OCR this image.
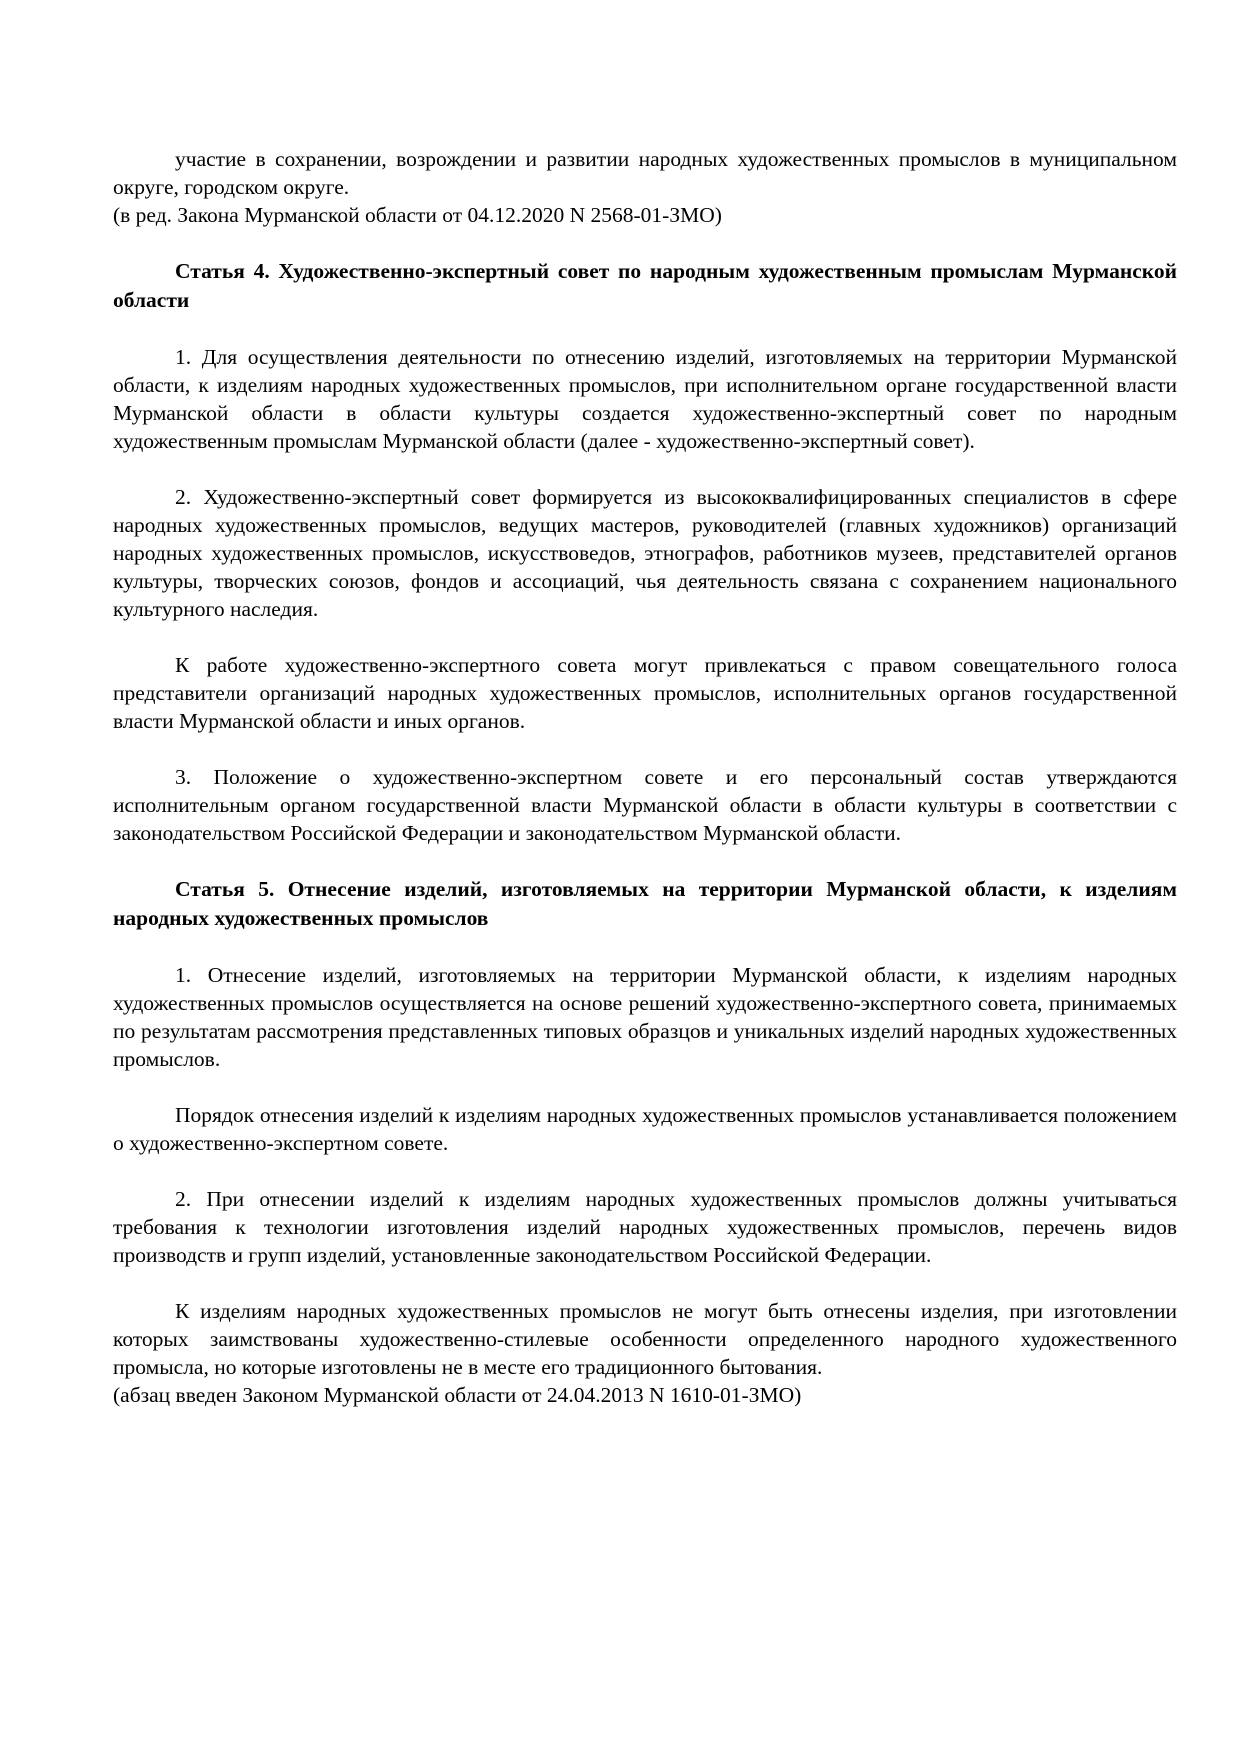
участие в сохранении, возрождении и развитии народных художественных промыслов в муниципальном округе, городском округе.

(в ред. Закона Мурманской области от 04.12.2020 N 2568-01-ЗМО)

Статья 4. Художественно-экспертный совет по народным художественным промыслам Мурманской области

1. Для осуществления деятельности по отнесению изделий, изготовляемых на территории Мурманской области, к изделиям народных художественных промыслов, при исполнительном органе государственной власти Мурманской области в области культуры создается художественно-экспертный совет по народным художественным промыслам Мурманской области (далее - художественно-экспертный совет).

2. Художественно-экспертный совет формируется из высококвалифицированных специалистов в сфере народных художественных промыслов, ведущих мастеров, руководителей (главных художников) организаций народных художественных промыслов, искусствоведов, этнографов, работников музеев, представителей органов культуры, творческих союзов, фондов и ассоциаций, чья деятельность связана с сохранением национального культурного наследия.

К работе художественно-экспертного совета могут привлекаться с правом совещательного голоса представители организаций народных художественных промыслов, исполнительных органов государственной власти Мурманской области и иных органов.

3. Положение о художественно-экспертном совете и его персональный состав утверждаются исполнительным органом государственной власти Мурманской области в области культуры в соответствии с законодательством Российской Федерации и законодательством Мурманской области.

Статья 5. Отнесение изделий, изготовляемых на территории Мурманской области, к изделиям народных художественных промыслов

1. Отнесение изделий, изготовляемых на территории Мурманской области, к изделиям народных художественных промыслов осуществляется на основе решений художественно-экспертного совета, принимаемых по результатам рассмотрения представленных типовых образцов и уникальных изделий народных художественных промыслов.

Порядок отнесения изделий к изделиям народных художественных промыслов устанавливается положением о художественно-экспертном совете.

2. При отнесении изделий к изделиям народных художественных промыслов должны учитываться требования к технологии изготовления изделий народных художественных промыслов, перечень видов производств и групп изделий, установленные законодательством Российской Федерации.

К изделиям народных художественных промыслов не могут быть отнесены изделия, при изготовлении которых заимствованы художественно-стилевые особенности определенного народного художественного промысла, но которые изготовлены не в месте его традиционного бытования.

(абзац введен Законом Мурманской области от 24.04.2013 N 1610-01-ЗМО)
